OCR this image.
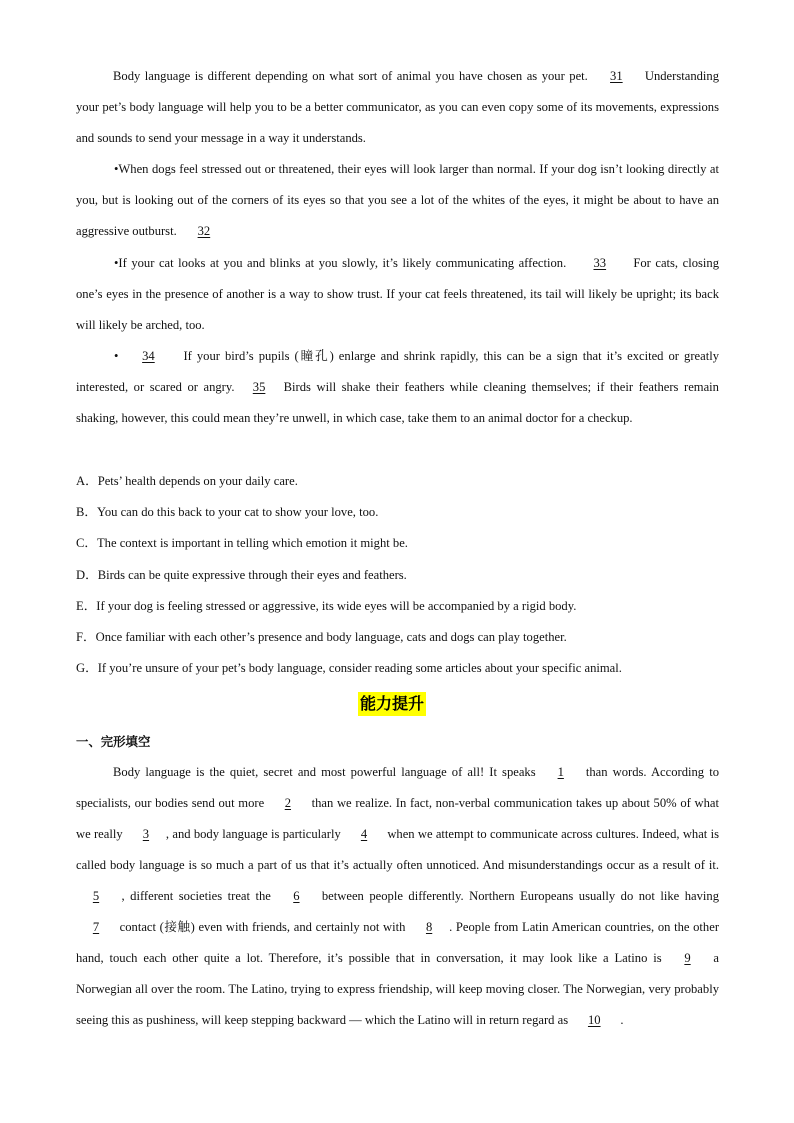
Body language is different depending on what sort of animal you have chosen as your pet. 31 Understanding your pet’s body language will help you to be a better communicator, as you can even copy some of its movements, expressions and sounds to send your message in a way it understands.

•When dogs feel stressed out or threatened, their eyes will look larger than normal. If your dog isn’t looking directly at you, but is looking out of the corners of its eyes so that you see a lot of the whites of the eyes, it might be about to have an aggressive outburst. 32

•If your cat looks at you and blinks at you slowly, it’s likely communicating affection. 33 For cats, closing one’s eyes in the presence of another is a way to show trust. If your cat feels threatened, its tail will likely be upright; its back will likely be arched, too.

• 34 If your bird’s pupils (瞳孔) enlarge and shrink rapidly, this can be a sign that it’s excited or greatly interested, or scared or angry. 35 Birds will shake their feathers while cleaning themselves; if their feathers remain shaking, however, this could mean they’re unwell, in which case, take them to an animal doctor for a checkup.

A．Pets’ health depends on your daily care.

B．You can do this back to your cat to show your love, too.

C．The context is important in telling which emotion it might be.

D．Birds can be quite expressive through their eyes and feathers.

E．If your dog is feeling stressed or aggressive, its wide eyes will be accompanied by a rigid body.

F．Once familiar with each other’s presence and body language, cats and dogs can play together.

G．If you’re unsure of your pet’s body language, consider reading some articles about your specific animal.

能力提升
一、完形填空

Body language is the quiet, secret and most powerful language of all! It speaks 1 than words. According to specialists, our bodies send out more 2 than we realize. In fact, non-verbal communication takes up about 50% of what we really 3 , and body language is particularly 4 when we attempt to communicate across cultures. Indeed, what is called body language is so much a part of us that it’s actually often unnoticed. And misunderstandings occur as a result of it. 5 , different societies treat the 6 between people differently. Northern Europeans usually do not like having 7 contact (接触) even with friends, and certainly not with 8 . People from Latin American countries, on the other hand, touch each other quite a lot. Therefore, it’s possible that in conversation, it may look like a Latino is 9 a Norwegian all over the room. The Latino, trying to express friendship, will keep moving closer. The Norwegian, very probably seeing this as pushiness, will keep stepping backward — which the Latino will in return regard as 10 .
